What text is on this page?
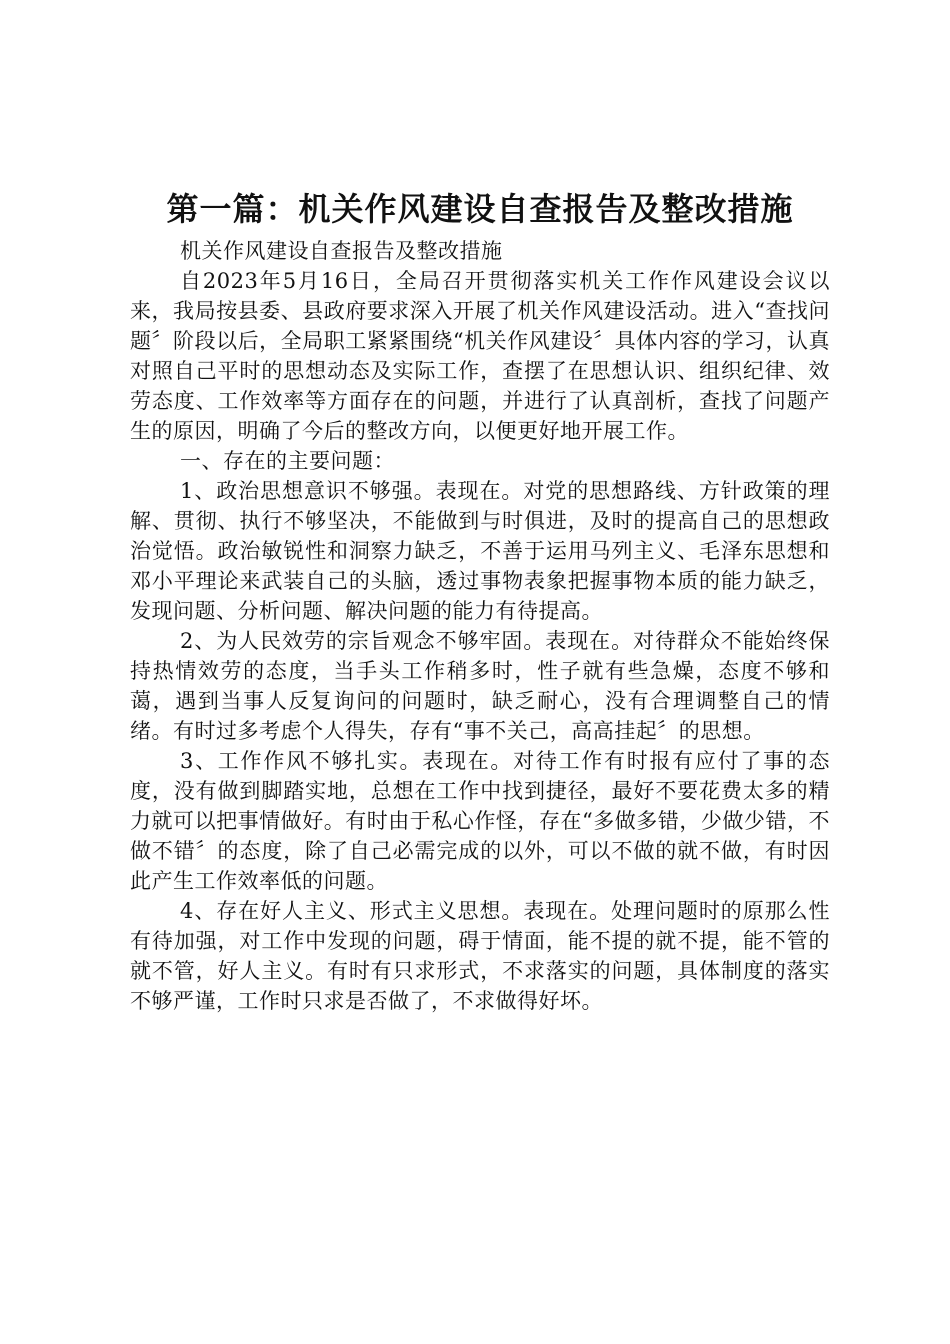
第一篇：机关作风建设自查报告及整改措施

机关作风建设自查报告及整改措施

自2023年5月16日，全局召开贯彻落实机关工作作风建设会议以来，我局按县委、县政府要求深入开展了机关作风建设活动。进入“查找问题〞阶段以后，全局职工紧紧围绕“机关作风建设〞具体内容的学习，认真对照自己平时的思想动态及实际工作，查摆了在思想认识、组织纪律、效劳态度、工作效率等方面存在的问题，并进行了认真剖析，查找了问题产生的原因，明确了今后的整改方向，以便更好地开展工作。

一、存在的主要问题：

1、政治思想意识不够强。表现在。对党的思想路线、方针政策的理解、贯彻、执行不够坚决，不能做到与时俱进，及时的提高自己的思想政治觉悟。政治敏锐性和洞察力缺乏，不善于运用马列主义、毛泽东思想和邓小平理论来武装自己的头脑，透过事物表象把握事物本质的能力缺乏，发现问题、分析问题、解决问题的能力有待提高。

2、为人民效劳的宗旨观念不够牢固。表现在。对待群众不能始终保持热情效劳的态度，当手头工作稍多时，性子就有些急燥，态度不够和蔼，遇到当事人反复询问的问题时，缺乏耐心，没有合理调整自己的情绪。有时过多考虑个人得失，存有“事不关己，高高挂起〞的思想。

3、工作作风不够扎实。表现在。对待工作有时报有应付了事的态度，没有做到脚踏实地，总想在工作中找到捷径，最好不要花费太多的精力就可以把事情做好。有时由于私心作怪，存在“多做多错，少做少错，不做不错〞的态度，除了自己必需完成的以外，可以不做的就不做，有时因此产生工作效率低的问题。

4、存在好人主义、形式主义思想。表现在。处理问题时的原那么性有待加强，对工作中发现的问题，碍于情面，能不提的就不提，能不管的就不管，好人主义。有时有只求形式，不求落实的问题，具体制度的落实不够严谨，工作时只求是否做了，不求做得好坏。
